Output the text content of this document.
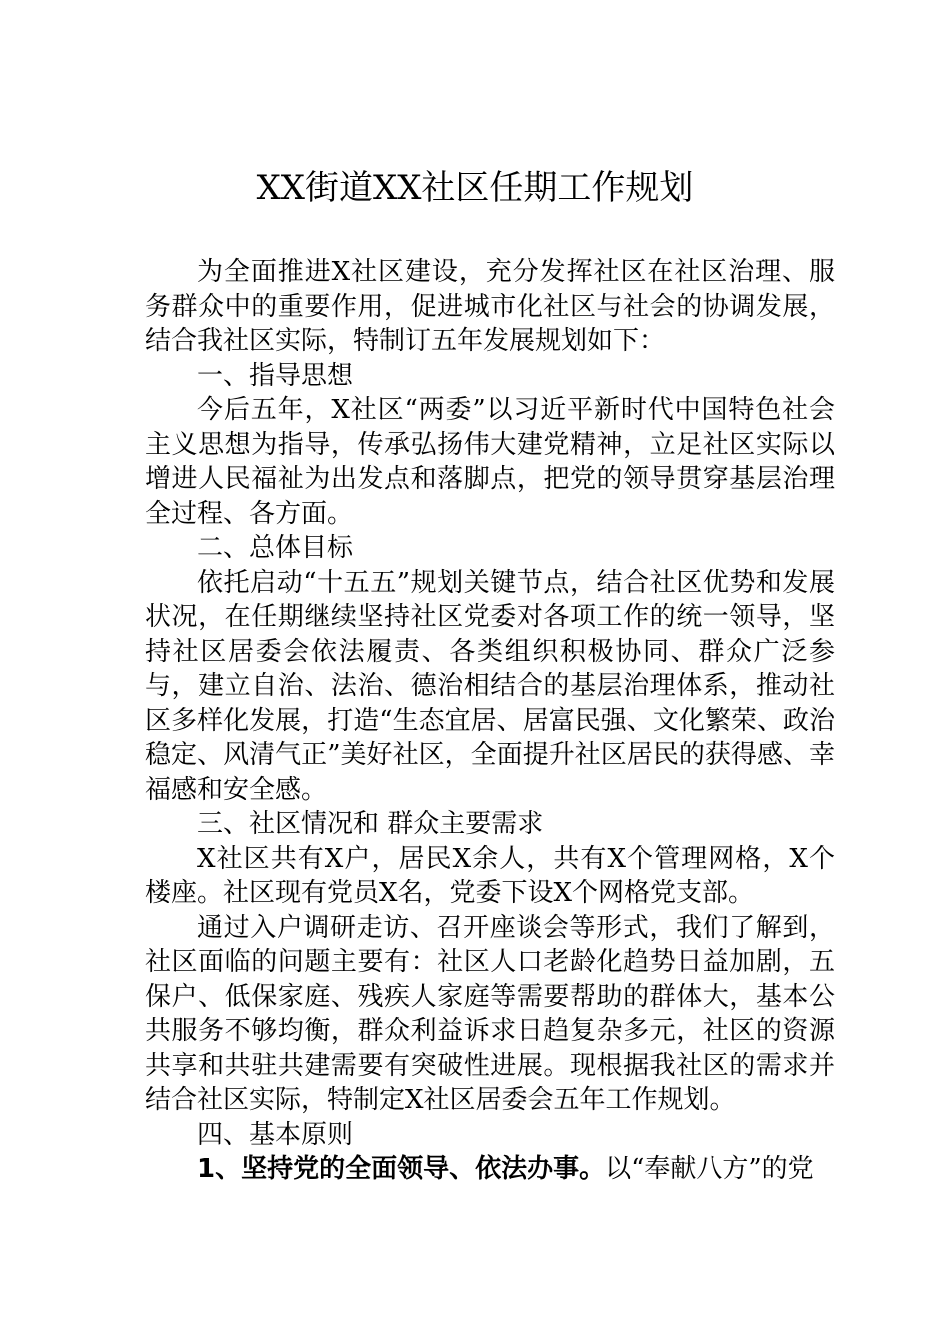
XX街道XX社区任期工作规划

为全面推进X社区建设，充分发挥社区在社区治理、服务群众中的重要作用，促进城市化社区与社会的协调发展，结合我社区实际，特制订五年发展规划如下：

一、指导思想

今后五年，X社区“两委”以习近平新时代中国特色社会主义思想为指导，传承弘扬伟大建党精神，立足社区实际以增进人民福祉为出发点和落脚点，把党的领导贯穿基层治理全过程、各方面。

二、总体目标

依托启动“十五五”规划关键节点，结合社区优势和发展状况，在任期继续坚持社区党委对各项工作的统一领导，坚持社区居委会依法履责、各类组织积极协同、群众广泛参与，建立自治、法治、德治相结合的基层治理体系，推动社区多样化发展，打造“生态宜居、居富民强、文化繁荣、政治稳定、风清气正”美好社区，全面提升社区居民的获得感、幸福感和安全感。

三、社区情况和 群众主要需求

X社区共有X户，居民X余人，共有X个管理网格，X个楼座。社区现有党员X名，党委下设X个网格党支部。

通过入户调研走访、召开座谈会等形式，我们了解到，社区面临的问题主要有：社区人口老龄化趋势日益加剧，五保户、低保家庭、残疾人家庭等需要帮助的群体大，基本公共服务不够均衡，群众利益诉求日趋复杂多元，社区的资源共享和共驻共建需要有突破性进展。现根据我社区的需求并结合社区实际，特制定X社区居委会五年工作规划。

四、基本原则

1、坚持党的全面领导、依法办事。以“奉献八方”的党
